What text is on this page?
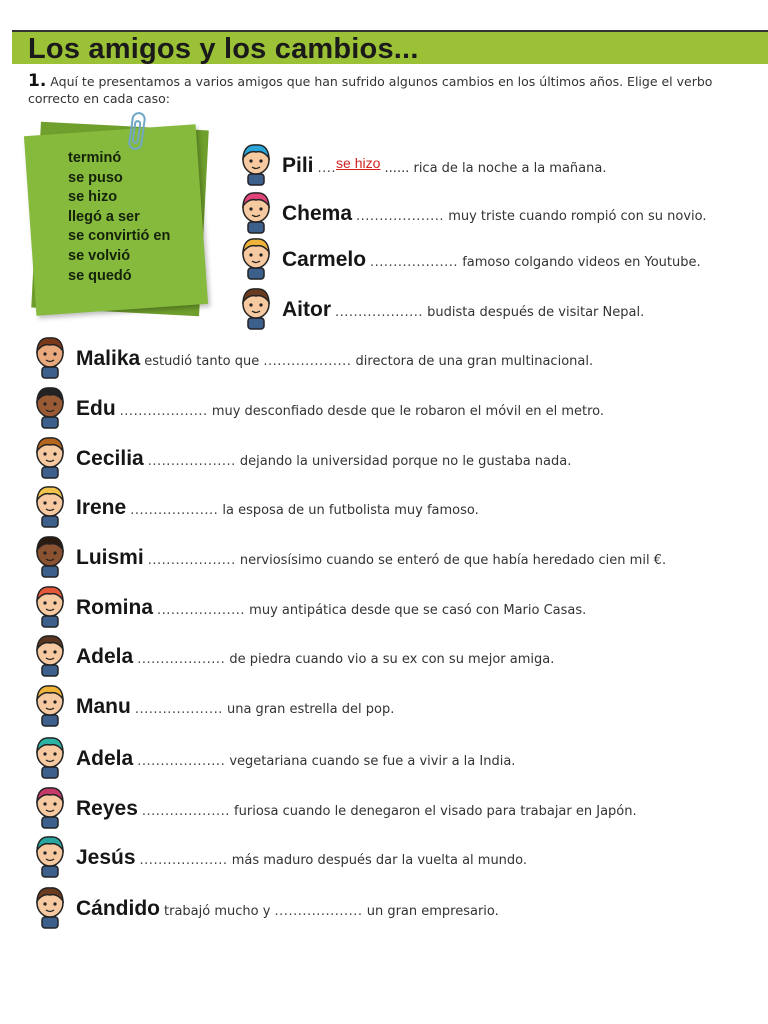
Los amigos y los cambios...
1. Aquí te presentamos a varios amigos que han sufrido algunos cambios en los últimos años. Elige el verbo correcto en cada caso:
terminó
se puso
se hizo
llegó a ser
se convirtió en
se volvió
se quedó
Pili ....se hizo ...... rica de la noche a la mañana.
Chema ................... muy triste cuando rompió con su novio.
Carmelo ................... famoso colgando videos en Youtube.
Aitor ................... budista después de visitar Nepal.
Malika estudió tanto que ................... directora de una gran multinacional.
Edu ................... muy desconfiado desde que le robaron el móvil en el metro.
Cecilia ................... dejando la universidad porque no le gustaba nada.
Irene ................... la esposa de un futbolista muy famoso.
Luismi ................... nerviosísimo cuando se enteró de que había heredado cien mil €.
Romina ................... muy antipática desde que se casó con Mario Casas.
Adela ................... de piedra cuando vio a su ex con su mejor amiga.
Manu ................... una gran estrella del pop.
Adela ................... vegetariana cuando se fue a vivir a la India.
Reyes ................... furiosa cuando le denegaron el visado para trabajar en Japón.
Jesús ................... más maduro después dar la vuelta al mundo.
Cándido trabajó mucho y ................... un gran empresario.
